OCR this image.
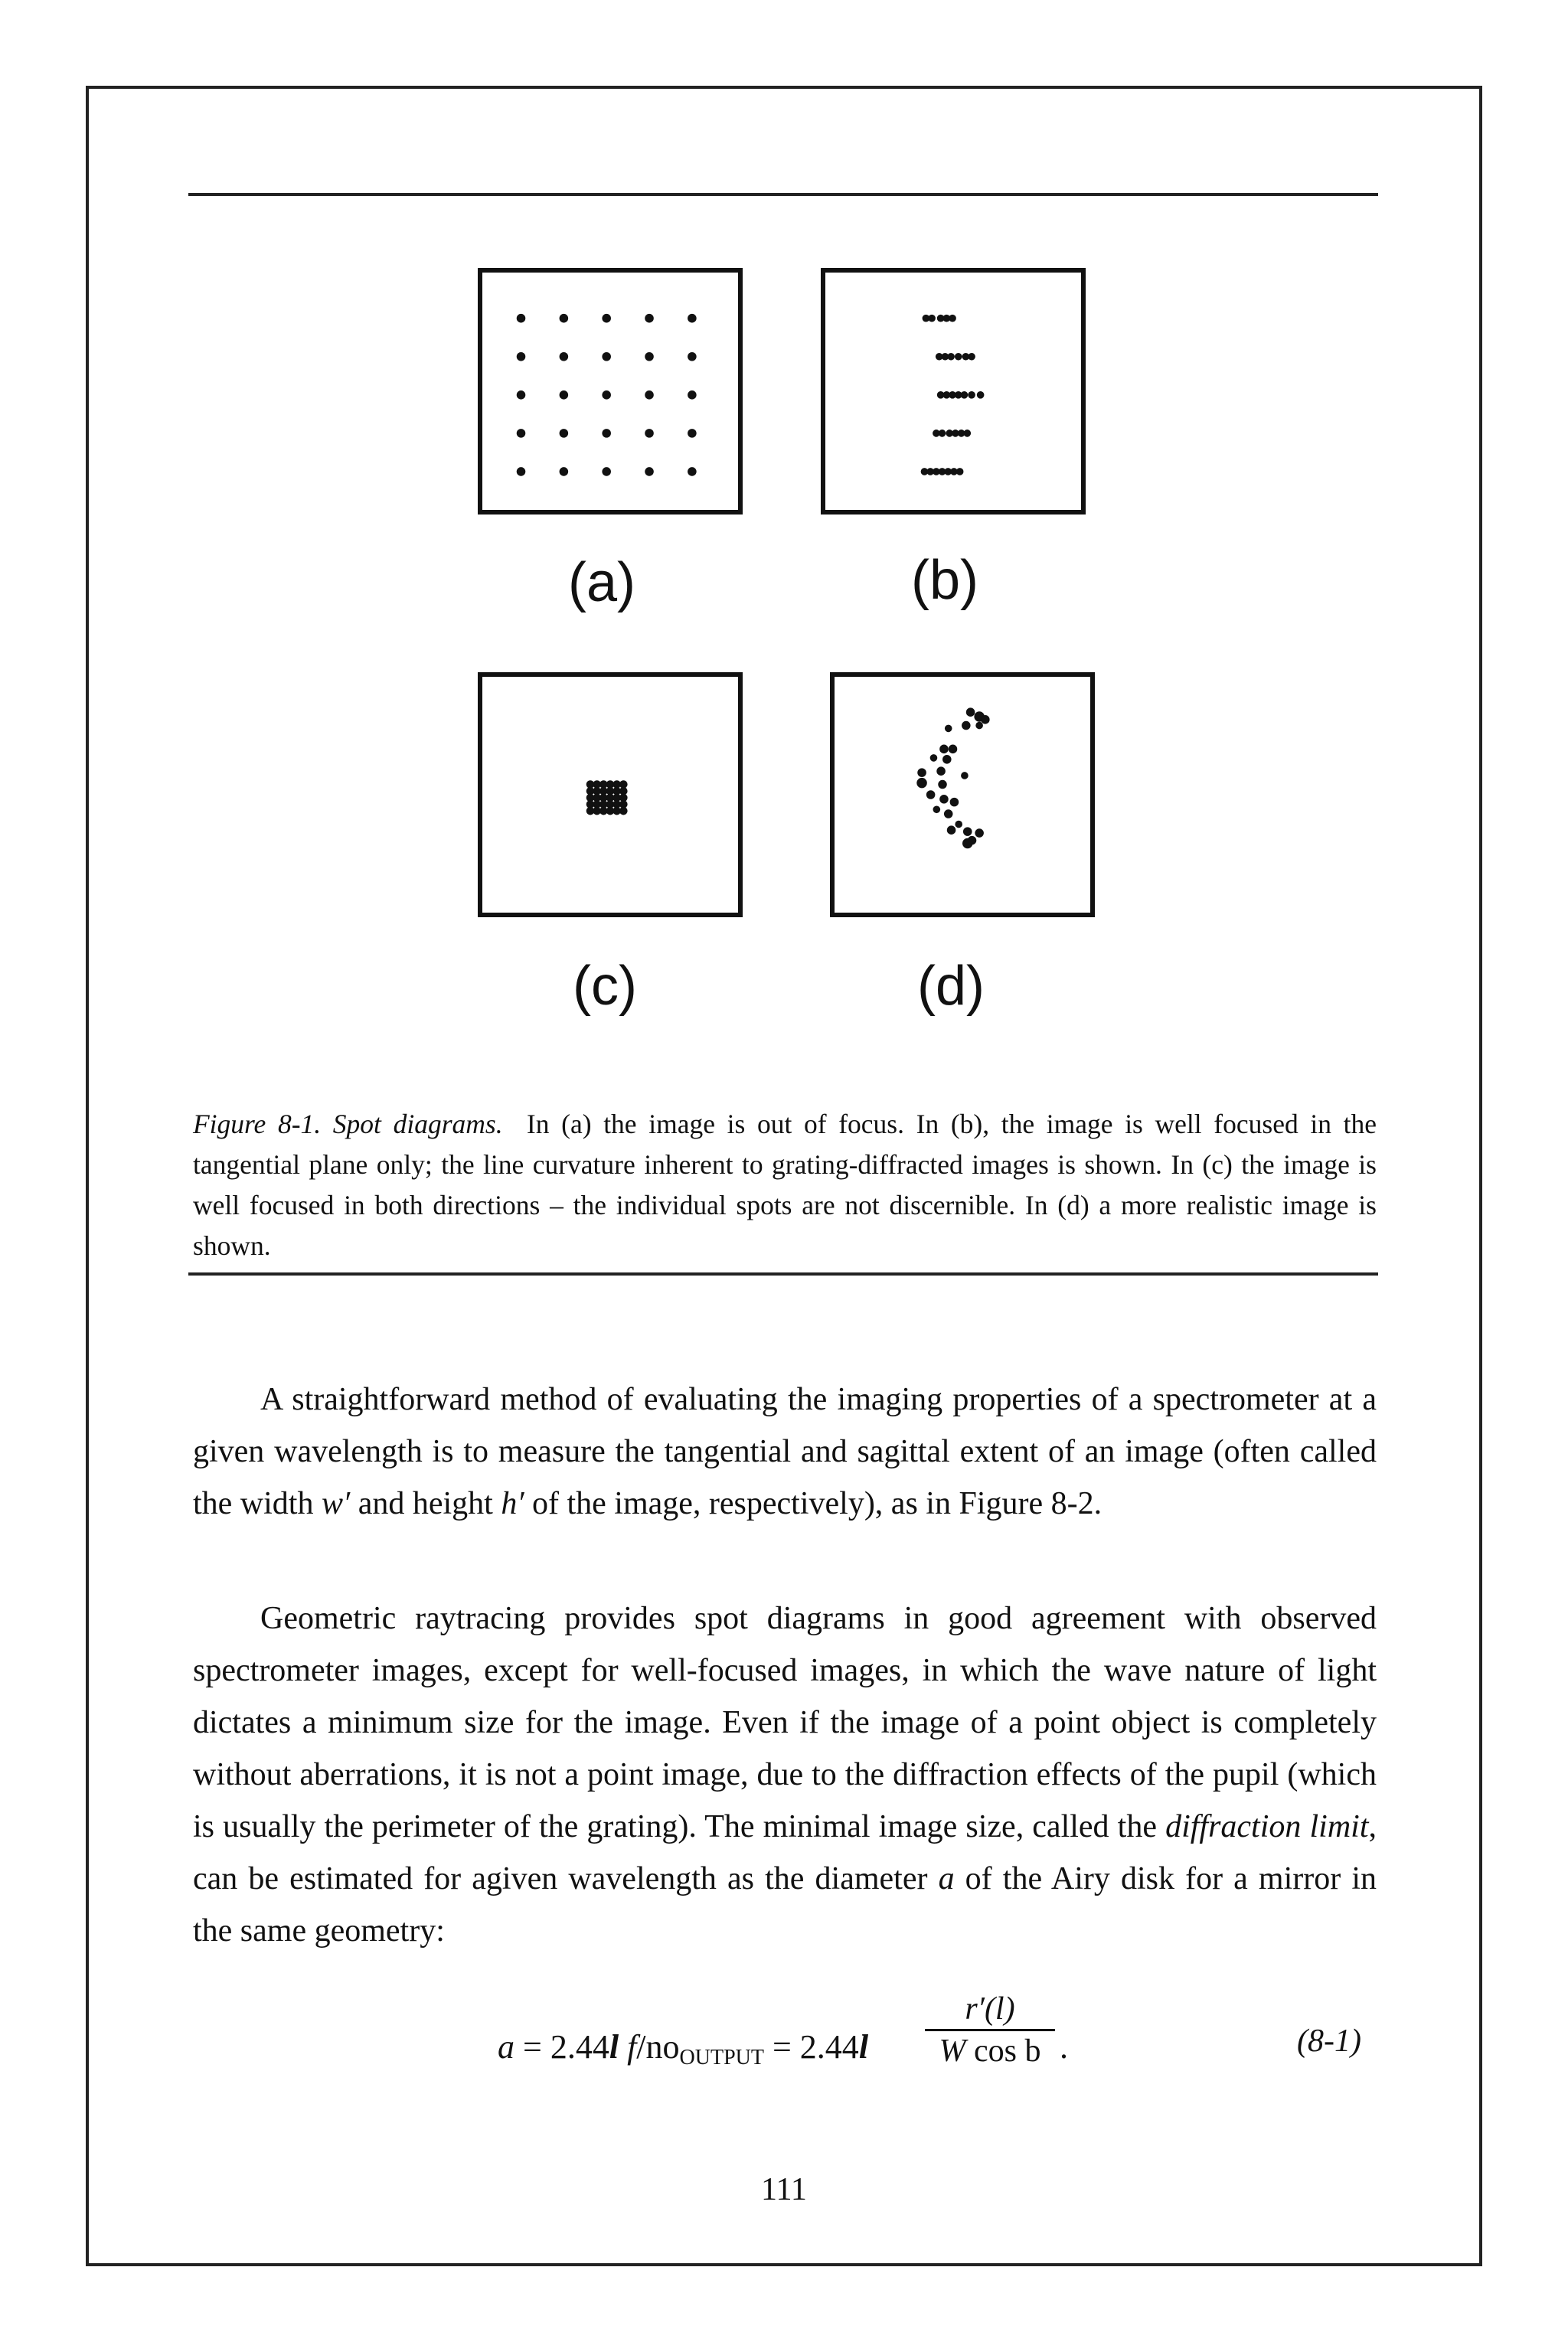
(a)	(b)
(c)	(d)
Figure 8-1. Spot diagrams. In (a) the image is out of focus. In (b), the image is well focused in the tangential plane only; the line curvature inherent to grating-diffracted images is shown. In (c) the image is well focused in both directions – the individual spots are not discernible. In (d) a more realistic image is shown.
A straightforward method of evaluating the imaging properties of a spectrometer at a given wavelength is to measure the tangential and sagittal extent of an image (often called the width w′ and height h′ of the image, respectively), as in Figure 8-2.
Geometric raytracing provides spot diagrams in good agreement with observed spectrometer images, except for well-focused images, in which the wave nature of light dictates a minimum size for the image. Even if the image of a point object is completely without aberrations, it is not a point image, due to the diffraction effects of the pupil (which is usually the perimeter of the grating). The minimal image size, called the diffraction limit, can be estimated for agiven wavelength as the diameter a of the Airy disk for a mirror in the same geometry:
a = 2.44l $f/no_{OUTPUT} = 2.44l \frac{r'(l)}{\text{W cos b}}$ .	(8-1)
111
